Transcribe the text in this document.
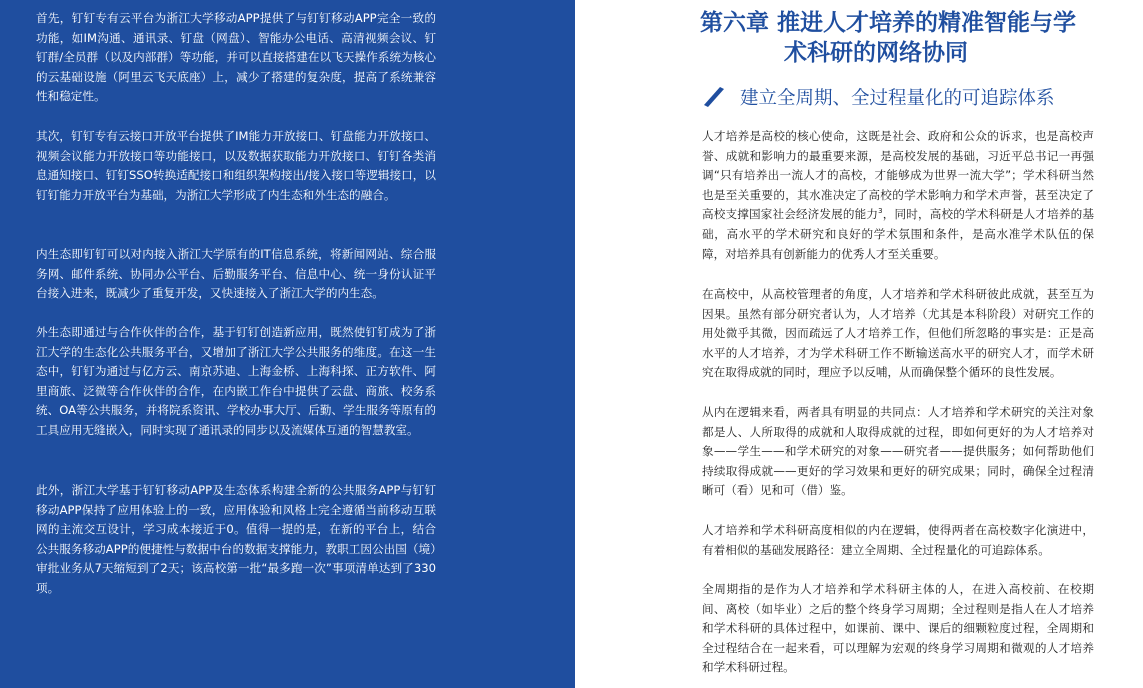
首先，钉钉专有云平台为浙江大学移动APP提供了与钉钉移动APP完全一致的功能，如IM沟通、通讯录、钉盘（网盘）、智能办公电话、高清视频会议、钉钉群/全员群（以及内部群）等功能，并可以直接搭建在以飞天操作系统为核心的云基础设施（阿里云飞天底座）上，减少了搭建的复杂度，提高了系统兼容性和稳定性。

其次，钉钉专有云接口开放平台提供了IM能力开放接口、钉盘能力开放接口、视频会议能力开放接口等功能接口，以及数据获取能力开放接口、钉钉各类消息通知接口、钉钉SSO转换适配接口和组织架构接出/接入接口等逻辑接口，以钉钉能力开放平台为基础，为浙江大学形成了内生态和外生态的融合。

内生态即钉钉可以对内接入浙江大学原有的IT信息系统，将新闻网站、综合服务网、邮件系统、协同办公平台、后勤服务平台、信息中心、统一身份认证平台接入进来，既减少了重复开发，又快速接入了浙江大学的内生态。

外生态即通过与合作伙伴的合作，基于钉钉创造新应用，既然使钉钉成为了浙江大学的生态化公共服务平台，又增加了浙江大学公共服务的维度。在这一生态中，钉钉为通过与亿方云、南京苏迪、上海金桥、上海科探、正方软件、阿里商旅、泛微等合作伙伴的合作，在内嵌工作台中提供了云盘、商旅、校务系统、OA等公共服务，并将院系资讯、学校办事大厅、后勤、学生服务等原有的工具应用无缝嵌入，同时实现了通讯录的同步以及流媒体互通的智慧教室。

此外，浙江大学基于钉钉移动APP及生态体系构建全新的公共服务APP与钉钉移动APP保持了应用体验上的一致，应用体验和风格上完全遵循当前移动互联网的主流交互设计，学习成本接近于0。值得一提的是，在新的平台上，结合公共服务移动APP的便捷性与数据中台的数据支撑能力，教职工因公出国（境）审批业务从7天缩短到了2天；该高校第一批“最多跑一次”事项清单达到了330项。

第六章 推进人才培养的精准智能与学
术科研的网络协同
建立全周期、全过程量化的可追踪体系

人才培养是高校的核心使命，这既是社会、政府和公众的诉求，也是高校声誉、成就和影响力的最重要来源，是高校发展的基础，习近平总书记一再强调“只有培养出一流人才的高校，才能够成为世界一流大学”；学术科研当然也是至关重要的，其水准决定了高校的学术影响力和学术声誉，甚至决定了高校支撑国家社会经济发展的能力$^3$，同时，高校的学术科研是人才培养的基础，高水平的学术研究和良好的学术氛围和条件，是高水准学术队伍的保障，对培养具有创新能力的优秀人才至关重要。

在高校中，从高校管理者的角度，人才培养和学术科研彼此成就，甚至互为因果。虽然有部分研究者认为，人才培养（尤其是本科阶段）对研究工作的用处微乎其微，因而疏远了人才培养工作，但他们所忽略的事实是：正是高水平的人才培养，才为学术科研工作不断输送高水平的研究人才，而学术研究在取得成就的同时，理应予以反哺，从而确保整个循环的良性发展。

从内在逻辑来看，两者具有明显的共同点：人才培养和学术研究的关注对象都是人、人所取得的成就和人取得成就的过程，即如何更好的为人才培养对象——学生——和学术研究的对象——研究者——提供服务；如何帮助他们持续取得成就——更好的学习效果和更好的研究成果；同时，确保全过程清晰可（看）见和可（借）鉴。

人才培养和学术科研高度相似的内在逻辑，使得两者在高校数字化演进中，有着相似的基础发展路径：建立全周期、全过程量化的可追踪体系。

全周期指的是作为人才培养和学术科研主体的人，在进入高校前、在校期间、离校（如毕业）之后的整个终身学习周期；全过程则是指人在人才培养和学术科研的具体过程中，如课前、课中、课后的细颗粒度过程，全周期和全过程结合在一起来看，可以理解为宏观的终身学习周期和微观的人才培养和学术科研过程。
